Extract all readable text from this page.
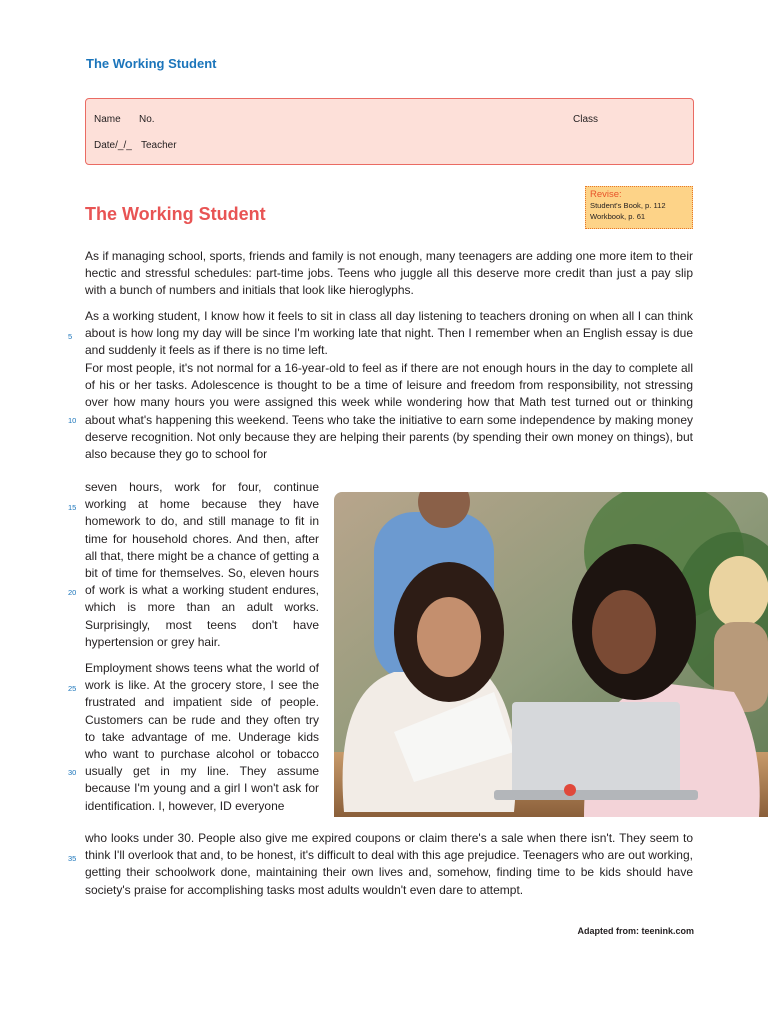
The Working Student
Name No.	Class
Date/_/_ Teacher
Revise:
Student's Book, p. 112
Workbook, p. 61
The Working Student

As if managing school, sports, friends and family is not enough, many teenagers are adding one more item to their hectic and stressful schedules: part-time jobs. Teens who juggle all this deserve more credit than just a pay slip with a bunch of numbers and initials that look like hieroglyphs.

As a working student, I know how it feels to sit in class all day listening to teachers droning on when all I can think about is how long my day will be since I'm working late that night. Then I remember when an English essay is due and suddenly it feels as if there is no time left.

For most people, it's not normal for a 16-year-old to feel as if there are not enough hours in the day to complete all of his or her tasks. Adolescence is thought to be a time of leisure and freedom from responsibility, not stressing over how many hours you were assigned this week while wondering how that Math test turned out or thinking about what's happening this weekend. Teens who take the initiative to earn some independence by making money deserve recognition. Not only because they are helping their parents (by spending their own money on things), but also because they go to school for

seven hours, work for four, continue working at home because they have homework to do, and still manage to fit in time for household chores. And then, after all that, there might be a chance of getting a bit of time for themselves. So, eleven hours of work is what a working student endures, which is more than an adult works. Surprisingly, most teens don't have hypertension or grey hair.

Employment shows teens what the world of work is like. At the grocery store, I see the frustrated and impatient side of people. Customers can be rude and they often try to take advantage of me. Underage kids who want to purchase alcohol or tobacco usually get in my line. They assume because I'm young and a girl I won't ask for identification. I, however, ID everyone

who looks under 30. People also give me expired coupons or claim there's a sale when there isn't. They seem to think I'll overlook that and, to be honest, it's difficult to deal with this age prejudice. Teenagers who are out working, getting their schoolwork done, maintaining their own lives and, somehow, finding time to be kids should have society's praise for accomplishing tasks most adults wouldn't even dare to attempt.

5
10
15
20
25
30
35
Adapted from: teenink.com
